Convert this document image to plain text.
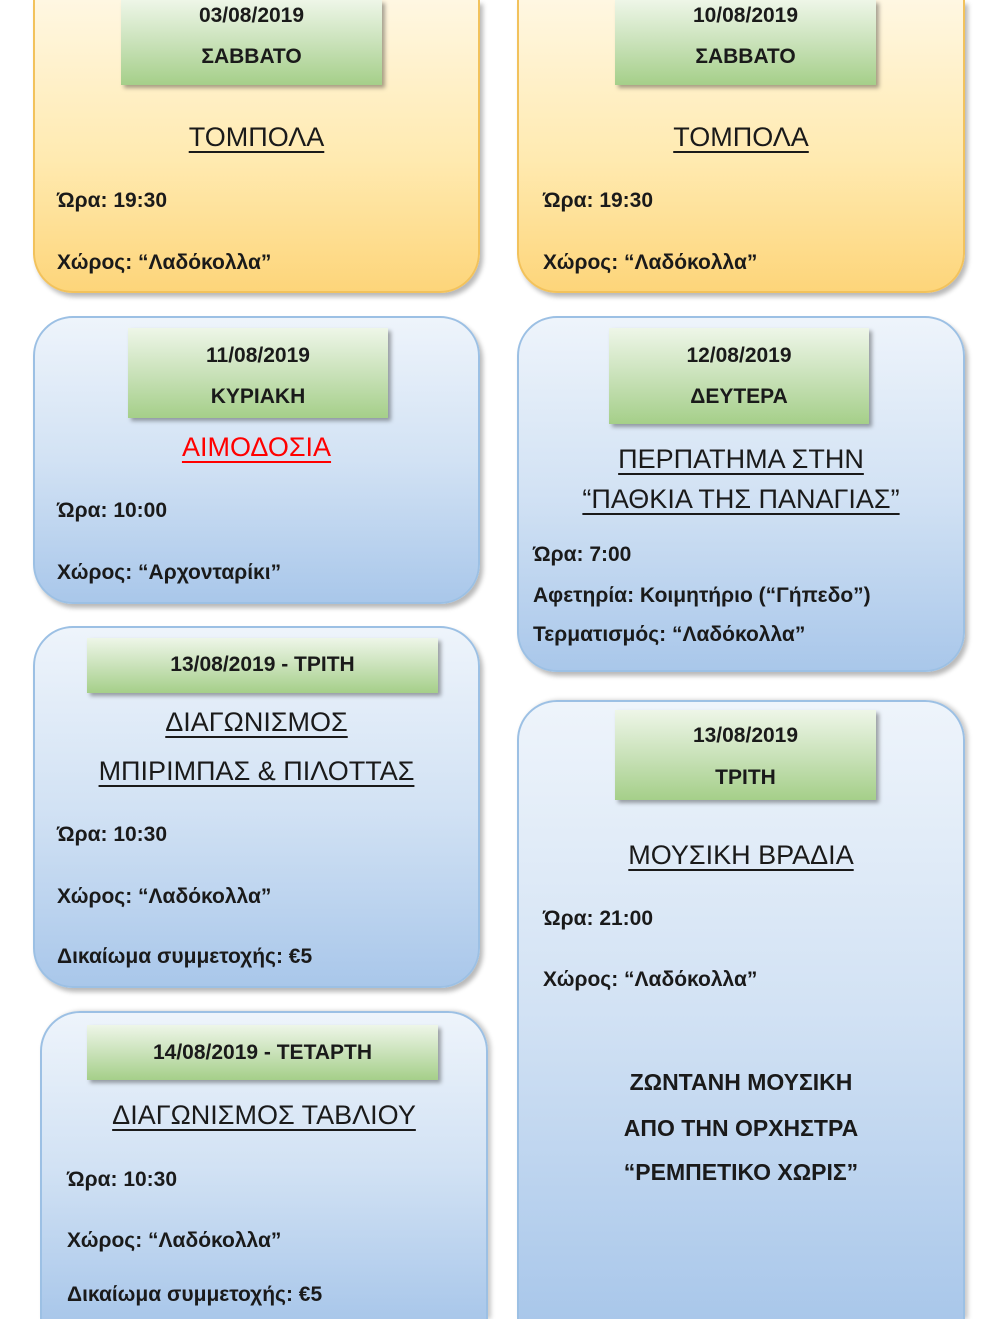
03/08/2019
ΣΑΒΒΑΤΟ
ΤΟΜΠΟΛΑ
Ώρα: 19:30
Χώρος: “Λαδόκολλα”
10/08/2019
ΣΑΒΒΑΤΟ
ΤΟΜΠΟΛΑ
Ώρα: 19:30
Χώρος: “Λαδόκολλα”
11/08/2019
ΚΥΡΙΑΚΗ
ΑΙΜΟΔΟΣΙΑ
Ώρα: 10:00
Χώρος: “Αρχονταρίκι”
12/08/2019
ΔΕΥΤΕΡΑ
ΠΕΡΠΑΤΗΜΑ ΣΤΗΝ
“ΠΑΘΚΙΑ ΤΗΣ ΠΑΝΑΓΙΑΣ”
Ώρα: 7:00
Αφετηρία: Κοιμητήριο (“Γήπεδο”)
Τερματισμός: “Λαδόκολλα”
13/08/2019 - ΤΡΙΤΗ
ΔΙΑΓΩΝΙΣΜΟΣ
ΜΠΙΡΙΜΠΑΣ & ΠΙΛΟΤΤΑΣ
Ώρα: 10:30
Χώρος: “Λαδόκολλα”
Δικαίωμα συμμετοχής: €5
13/08/2019
ΤΡΙΤΗ
ΜΟΥΣΙΚΗ ΒΡΑΔΙΑ
Ώρα: 21:00
Χώρος: “Λαδόκολλα”
ΖΩΝΤΑΝΗ ΜΟΥΣΙΚΗ
ΑΠΟ ΤΗΝ ΟΡΧΗΣΤΡΑ
“ΡΕΜΠΕΤΙΚΟ ΧΩΡΙΣ”
14/08/2019 - ΤΕΤΑΡΤΗ
ΔΙΑΓΩΝΙΣΜΟΣ ΤΑΒΛΙΟΥ
Ώρα: 10:30
Χώρος: “Λαδόκολλα”
Δικαίωμα συμμετοχής: €5
